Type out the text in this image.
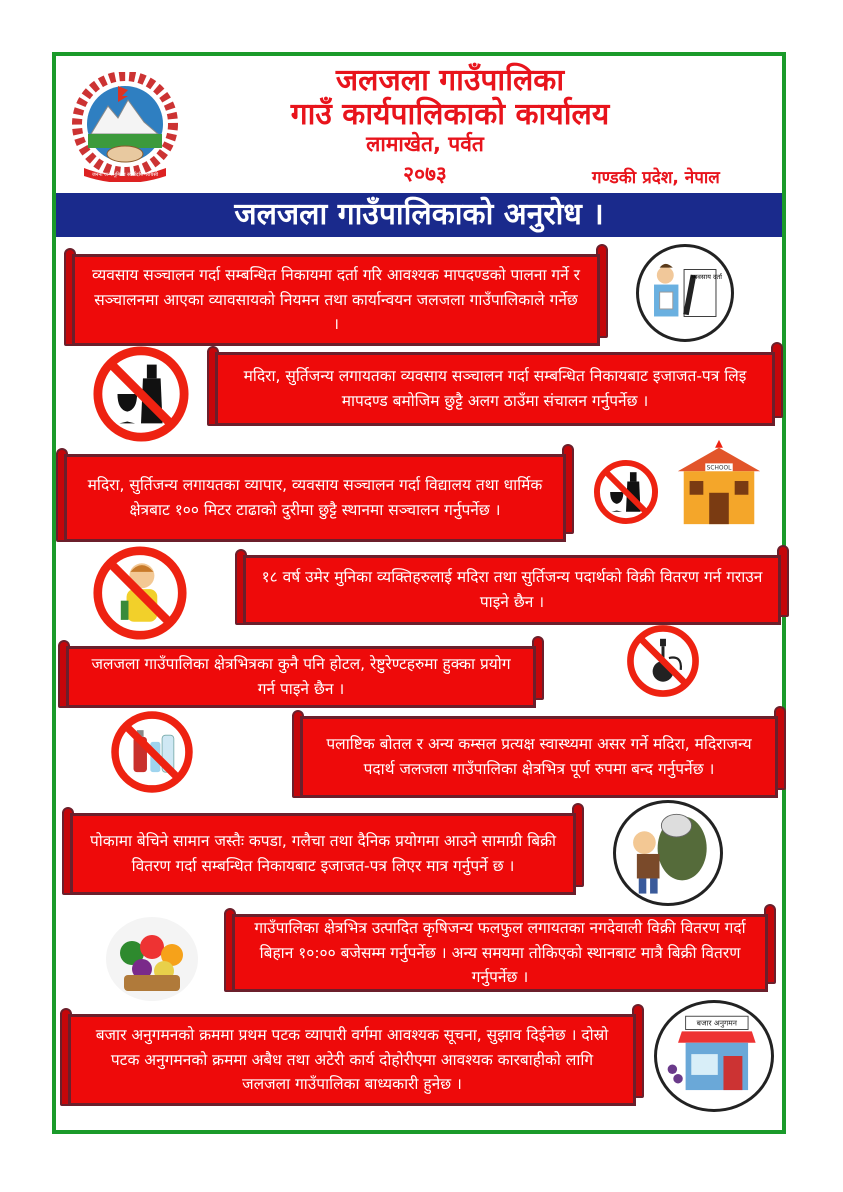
जननी जन्मभूमिश्च स्वर्गादपि गरीयसी
जलजला गाउँपालिका
गाउँ कार्यपालिकाको कार्यालय
लामाखेत, पर्वत
२०७३	गण्डकी प्रदेश, नेपाल
जलजला गाउँपालिकाको अनुरोध ।
व्यवसाय सञ्चालन गर्दा सम्बन्धित निकायमा दर्ता गरि आवश्यक मापदण्डको पालना गर्ने र सञ्चालनमा आएका व्यावसायको नियमन तथा कार्यान्वयन जलजला गाउँपालिकाले गर्नेछ ।
व्यवसाय दर्ता
मदिरा, सुर्तिजन्य लगायतका व्यवसाय सञ्चालन गर्दा सम्बन्धित निकायबाट इजाजत-पत्र लिइ मापदण्ड बमोजिम छुट्टै अलग ठाउँमा संचालन गर्नुपर्नेछ ।
मदिरा, सुर्तिजन्य लगायतका व्यापार, व्यवसाय सञ्चालन गर्दा विद्यालय तथा धार्मिक क्षेत्रबाट १०० मिटर टाढाको दुरीमा छुट्टै स्थानमा सञ्चालन गर्नुपर्नेछ ।
SCHOOL
१८ वर्ष उमेर मुनिका व्यक्तिहरुलाई मदिरा तथा सुर्तिजन्य पदार्थको विक्री वितरण गर्न गराउन पाइने छैन ।
जलजला गाउँपालिका क्षेत्रभित्रका कुनै पनि होटल, रेष्टुरेण्टहरुमा हुक्का प्रयोग गर्न पाइने छैन ।
पलाष्टिक बोतल र अन्य कम्सल प्रत्यक्ष स्वास्थ्यमा असर गर्ने मदिरा, मदिराजन्य पदार्थ जलजला गाउँपालिका क्षेत्रभित्र पूर्ण रुपमा बन्द गर्नुपर्नेछ ।
पोकामा बेचिने सामान जस्तैः कपडा, गलैचा तथा दैनिक प्रयोगमा आउने सामाग्री बिक्री वितरण गर्दा सम्बन्धित निकायबाट इजाजत-पत्र लिएर मात्र गर्नुपर्ने छ ।
गाउँपालिका क्षेत्रभित्र उत्पादित कृषिजन्य फलफुल लगायतका नगदेवाली विक्री वितरण गर्दा बिहान १०:०० बजेसम्म गर्नुपर्नेछ । अन्य समयमा तोकिएको स्थानबाट मात्रै बिक्री वितरण गर्नुपर्नेछ ।
बजार अनुगमनको क्रममा प्रथम पटक व्यापारी वर्गमा आवश्यक सूचना, सुझाव दिईनेछ । दोस्रो पटक अनुगमनको क्रममा अबैध तथा अटेरी कार्य दोहोरीएमा आवश्यक कारबाहीको लागि जलजला गाउँपालिका बाध्यकारी हुनेछ ।
बजार अनुगमन
